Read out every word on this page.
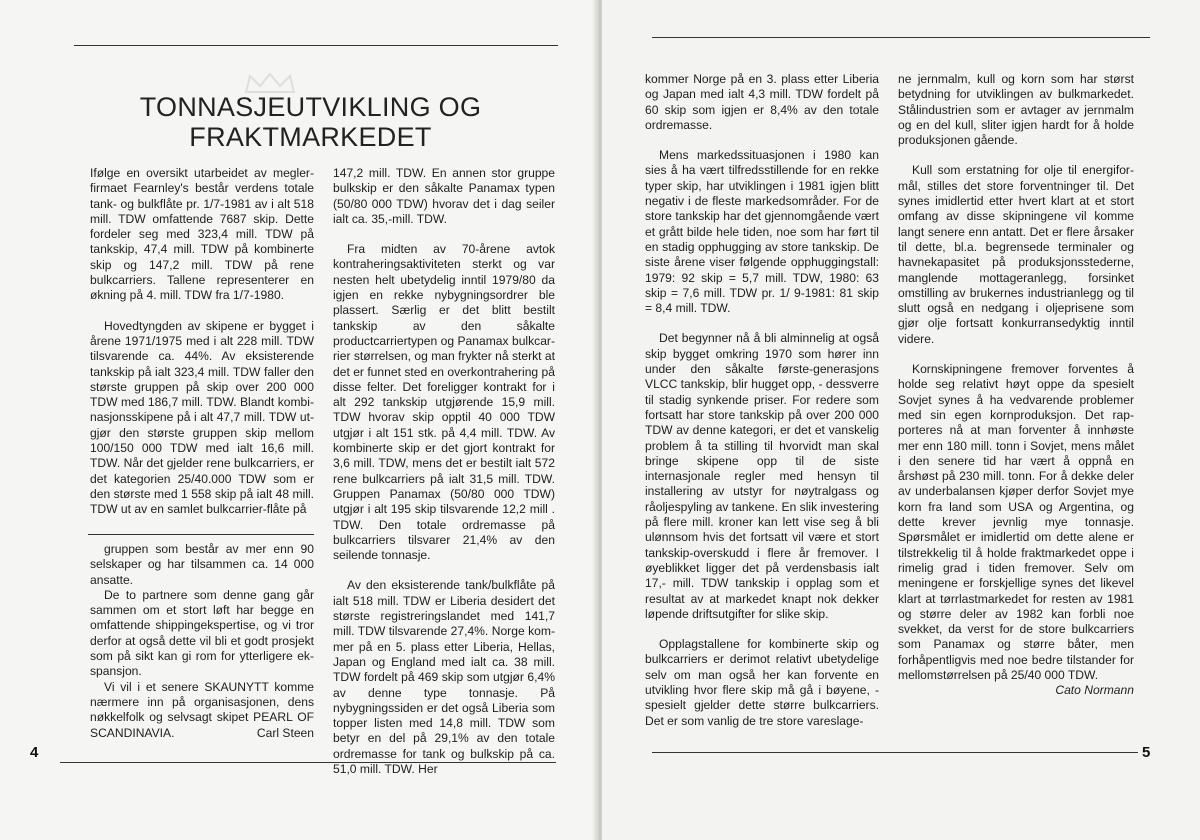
TONNASJEUTVIKLING OG FRAKTMARKEDET

Ifølge en oversikt utarbeidet av meglerfirmaet Fearnley's består verdens totale tank- og bulkflåte pr. 1/7-1981 av i alt 518 mill. TDW omfattende 7687 skip. Dette fordeler seg med 323,4 mill. TDW på tankskip, 47,4 mill. TDW på kombinerte skip og 147,2 mill. TDW på rene bulkcarriers. Tallene representerer en økning på 4. mill. TDW fra 1/7-1980.

Hovedtyngden av skipene er bygget i årene 1971/1975 med i alt 228 mill. TDW tilsvarende ca. 44%. Av eksisterende tankskip på ialt 323,4 mill. TDW faller den største gruppen på skip over 200 000 TDW med 186,7 mill. TDW. Blandt kombinasjonsskipene på i alt 47,7 mill. TDW utgjør den største gruppen skip mellom 100/150 000 TDW med ialt 16,6 mill. TDW. Når det gjelder rene bulkcarriers, er det kategorien 25/40.000 TDW som er den største med 1 558 skip på ialt 48 mill. TDW ut av en samlet bulkcarrier-flåte på

gruppen som består av mer enn 90 selskaper og har tilsammen ca. 14 000 ansatte.

De to partnere som denne gang går sammen om et stort løft har begge en omfattende shippingekspertise, og vi tror derfor at også dette vil bli et godt prosjekt som på sikt kan gi rom for ytterligere ekspansjon.

Vi vil i et senere SKAUNYTT komme nærmere inn på organisasjonen, dens nøkkelfolk og selvsagt skipet PEARL OF SCANDINAVIA.	Carl Steen

147,2 mill. TDW. En annen stor gruppe bulkskip er den såkalte Panamax typen (50/80 000 TDW) hvorav det i dag seiler ialt ca. 35,-mill. TDW.

Fra midten av 70-årene avtok kontraheringsaktiviteten sterkt og var nesten helt ubetydelig inntil 1979/80 da igjen en rekke nybygningsordrer ble plassert. Særlig er det blitt bestilt tankskip av den såkalte productcarriertypen og Panamax bulkcarrier størrelsen, og man frykter nå sterkt at det er funnet sted en overkontrahering på disse felter. Det foreligger kontrakt for i alt 292 tankskip utgjørende 15,9 mill. TDW hvorav skip opptil 40 000 TDW utgjør i alt 151 stk. på 4,4 mill. TDW. Av kombinerte skip er det gjort kontrakt for 3,6 mill. TDW, mens det er bestilt ialt 572 rene bulkcarriers på ialt 31,5 mill. TDW. Gruppen Panamax (50/80 000 TDW) utgjør i alt 195 skip tilsvarende 12,2 mill . TDW. Den totale ordremasse på bulkcarriers tilsvarer 21,4% av den seilende tonnasje.

Av den eksisterende tank/bulkflåte på ialt 518 mill. TDW er Liberia desidert det største registreringslandet med 141,7 mill. TDW tilsvarende 27,4%. Norge kommer på en 5. plass etter Liberia, Hellas, Japan og England med ialt ca. 38 mill. TDW fordelt på 469 skip som utgjør 6,4% av denne type tonnasje. På nybygningssiden er det også Liberia som topper listen med 14,8 mill. TDW som betyr en del på 29,1% av den totale ordremasse for tank og bulkskip på ca. 51,0 mill. TDW. Her

4

kommer Norge på en 3. plass etter Liberia og Japan med ialt 4,3 mill. TDW fordelt på 60 skip som igjen er 8,4% av den totale ordremasse.

Mens markedssituasjonen i 1980 kan sies å ha vært tilfredsstillende for en rekke typer skip, har utviklingen i 1981 igjen blitt negativ i de fleste markedsområder. For de store tankskip har det gjennomgående vært et grått bilde hele tiden, noe som har ført til en stadig opphugging av store tankskip. De siste årene viser følgende opphuggingstall: 1979: 92 skip = 5,7 mill. TDW, 1980: 63 skip = 7,6 mill. TDW pr. 1/ 9-1981: 81 skip = 8,4 mill. TDW.

Det begynner nå å bli alminnelig at også skip bygget omkring 1970 som hører inn under den såkalte første-generasjons VLCC tankskip, blir hugget opp, - dessverre til stadig synkende priser. For redere som fortsatt har store tankskip på over 200 000 TDW av denne kategori, er det et vanskelig problem å ta stilling til hvorvidt man skal bringe skipene opp til de siste internasjonale regler med hensyn til installering av utstyr for nøytralgass og råoljespyling av tankene. En slik investering på flere mill. kroner kan lett vise seg å bli ulønnsom hvis det fortsatt vil være et stort tankskip-overskudd i flere år fremover. I øyeblikket ligger det på verdensbasis ialt 17,- mill. TDW tankskip i opplag som et resultat av at markedet knapt nok dekker løpende driftsutgifter for slike skip.

Opplagstallene for kombinerte skip og bulkcarriers er derimot relativt ubetydelige selv om man også her kan forvente en utvikling hvor flere skip må gå i bøyene, - spesielt gjelder dette større bulkcarriers. Det er som vanlig de tre store vareslage-

ne jernmalm, kull og korn som har størst betydning for utviklingen av bulkmarkedet. Stålindustrien som er avtager av jernmalm og en del kull, sliter igjen hardt for å holde produksjonen gående.

Kull som erstatning for olje til energiformål, stilles det store forventninger til. Det synes imidlertid etter hvert klart at et stort omfang av disse skipningene vil komme langt senere enn antatt. Det er flere årsaker til dette, bl.a. begrensede terminaler og havnekapasitet på produksjonsstederne, manglende mottageranlegg, forsinket omstilling av brukernes industrianlegg og til slutt også en nedgang i oljeprisene som gjør olje fortsatt konkurransedyktig inntil videre.

Kornskipningene fremover forventes å holde seg relativt høyt oppe da spesielt Sovjet synes å ha vedvarende problemer med sin egen kornproduksjon. Det rapporteres nå at man forventer å innhøste mer enn 180 mill. tonn i Sovjet, mens målet i den senere tid har vært å oppnå en årshøst på 230 mill. tonn. For å dekke deler av underbalansen kjøper derfor Sovjet mye korn fra land som USA og Argentina, og dette krever jevnlig mye tonnasje. Spørsmålet er imidlertid om dette alene er tilstrekkelig til å holde fraktmarkedet oppe i rimelig grad i tiden fremover. Selv om meningene er forskjellige synes det likevel klart at tørrlastmarkedet for resten av 1981 og større deler av 1982 kan forbli noe svekket, da verst for de store bulkcarriers som Panamax og større båter, men forhåpentligvis med noe bedre tilstander for mellomstørrelsen på 25/40 000 TDW.

Cato Normann

5
